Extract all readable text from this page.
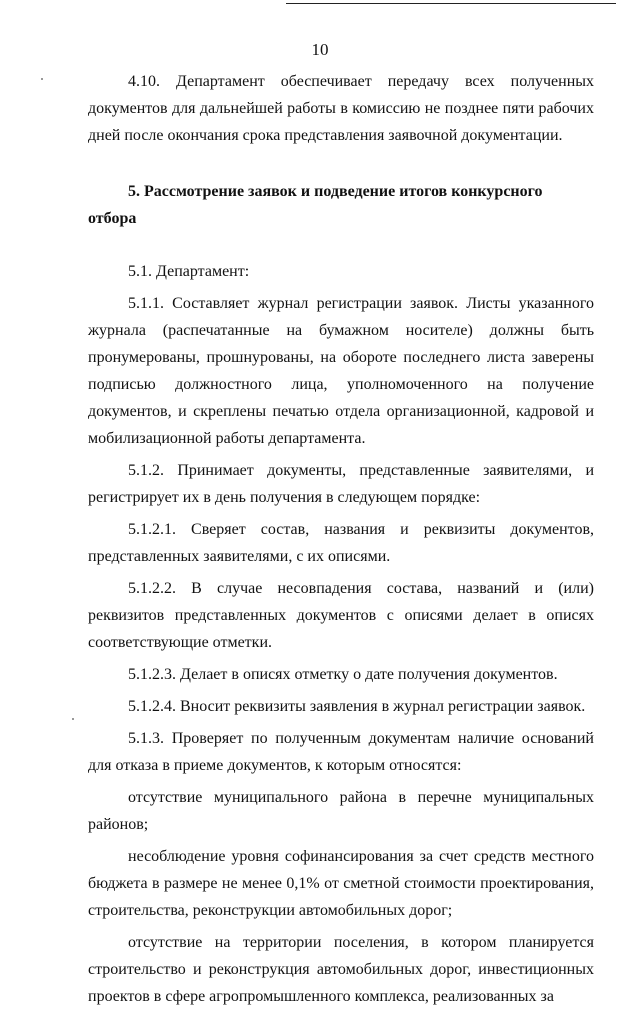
10

4.10. Департамент обеспечивает передачу всех полученных документов для дальнейшей работы в комиссию не позднее пяти рабочих дней после окончания срока представления заявочной документации.

5. Рассмотрение заявок и подведение итогов конкурсного отбора

5.1. Департамент:

5.1.1. Составляет журнал регистрации заявок. Листы указанного журнала (распечатанные на бумажном носителе) должны быть пронумерованы, прошнурованы, на обороте последнего листа заверены подписью должностного лица, уполномоченного на получение документов, и скреплены печатью отдела организационной, кадровой и мобилизационной работы департамента.

5.1.2. Принимает документы, представленные заявителями, и регистрирует их в день получения в следующем порядке:

5.1.2.1. Сверяет состав, названия и реквизиты документов, представленных заявителями, с их описями.

5.1.2.2. В случае несовпадения состава, названий и (или) реквизитов представленных документов с описями делает в описях соответствующие отметки.

5.1.2.3. Делает в описях отметку о дате получения документов.

5.1.2.4. Вносит реквизиты заявления в журнал регистрации заявок.

5.1.3. Проверяет по полученным документам наличие оснований для отказа в приеме документов, к которым относятся:

отсутствие муниципального района в перечне муниципальных районов;

несоблюдение уровня софинансирования за счет средств местного бюджета в размере не менее 0,1% от сметной стоимости проектирования, строительства, реконструкции автомобильных дорог;

отсутствие на территории поселения, в котором планируется строительство и реконструкция автомобильных дорог, инвестиционных проектов в сфере агропромышленного комплекса, реализованных за
